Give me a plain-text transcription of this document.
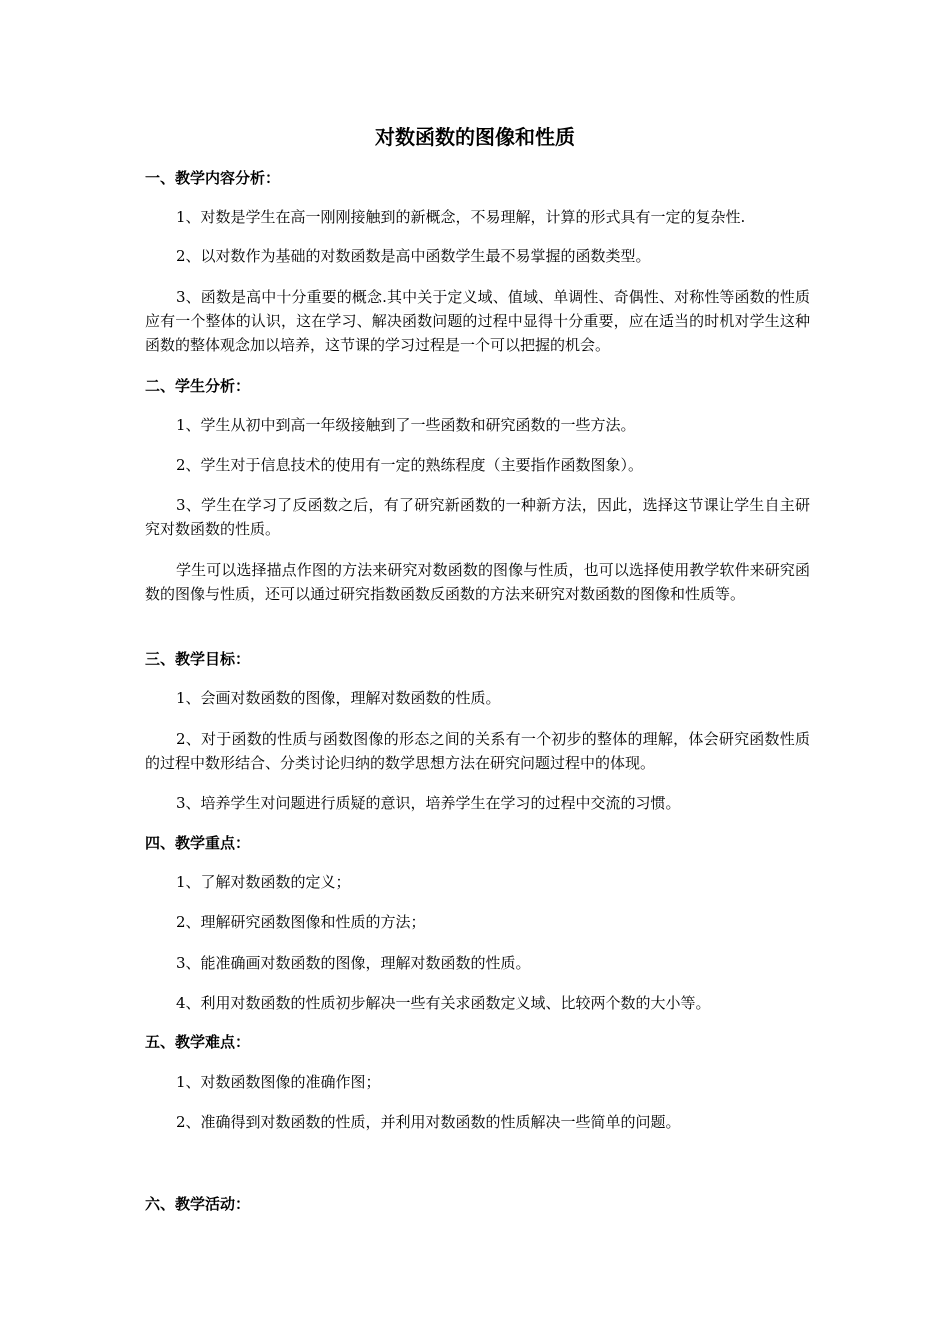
对数函数的图像和性质
一、教学内容分析：
1、对数是学生在高一刚刚接触到的新概念，不易理解，计算的形式具有一定的复杂性.
2、以对数作为基础的对数函数是高中函数学生最不易掌握的函数类型。
3、函数是高中十分重要的概念.其中关于定义域、值域、单调性、奇偶性、对称性等函数的性质应有一个整体的认识，这在学习、解决函数问题的过程中显得十分重要，应在适当的时机对学生这种函数的整体观念加以培养，这节课的学习过程是一个可以把握的机会。
二、学生分析：
1、学生从初中到高一年级接触到了一些函数和研究函数的一些方法。
2、学生对于信息技术的使用有一定的熟练程度（主要指作函数图象）。
3、学生在学习了反函数之后，有了研究新函数的一种新方法，因此，选择这节课让学生自主研究对数函数的性质。
学生可以选择描点作图的方法来研究对数函数的图像与性质，也可以选择使用教学软件来研究函数的图像与性质，还可以通过研究指数函数反函数的方法来研究对数函数的图像和性质等。
三、教学目标：
1、会画对数函数的图像，理解对数函数的性质。
2、对于函数的性质与函数图像的形态之间的关系有一个初步的整体的理解，体会研究函数性质的过程中数形结合、分类讨论归纳的数学思想方法在研究问题过程中的体现。
3、培养学生对问题进行质疑的意识，培养学生在学习的过程中交流的习惯。
四、教学重点：
1、了解对数函数的定义；
2、理解研究函数图像和性质的方法；
3、能准确画对数函数的图像，理解对数函数的性质。
4、利用对数函数的性质初步解决一些有关求函数定义域、比较两个数的大小等。
五、教学难点：
1、对数函数图像的准确作图；
2、准确得到对数函数的性质，并利用对数函数的性质解决一些简单的问题。
六、教学活动：
